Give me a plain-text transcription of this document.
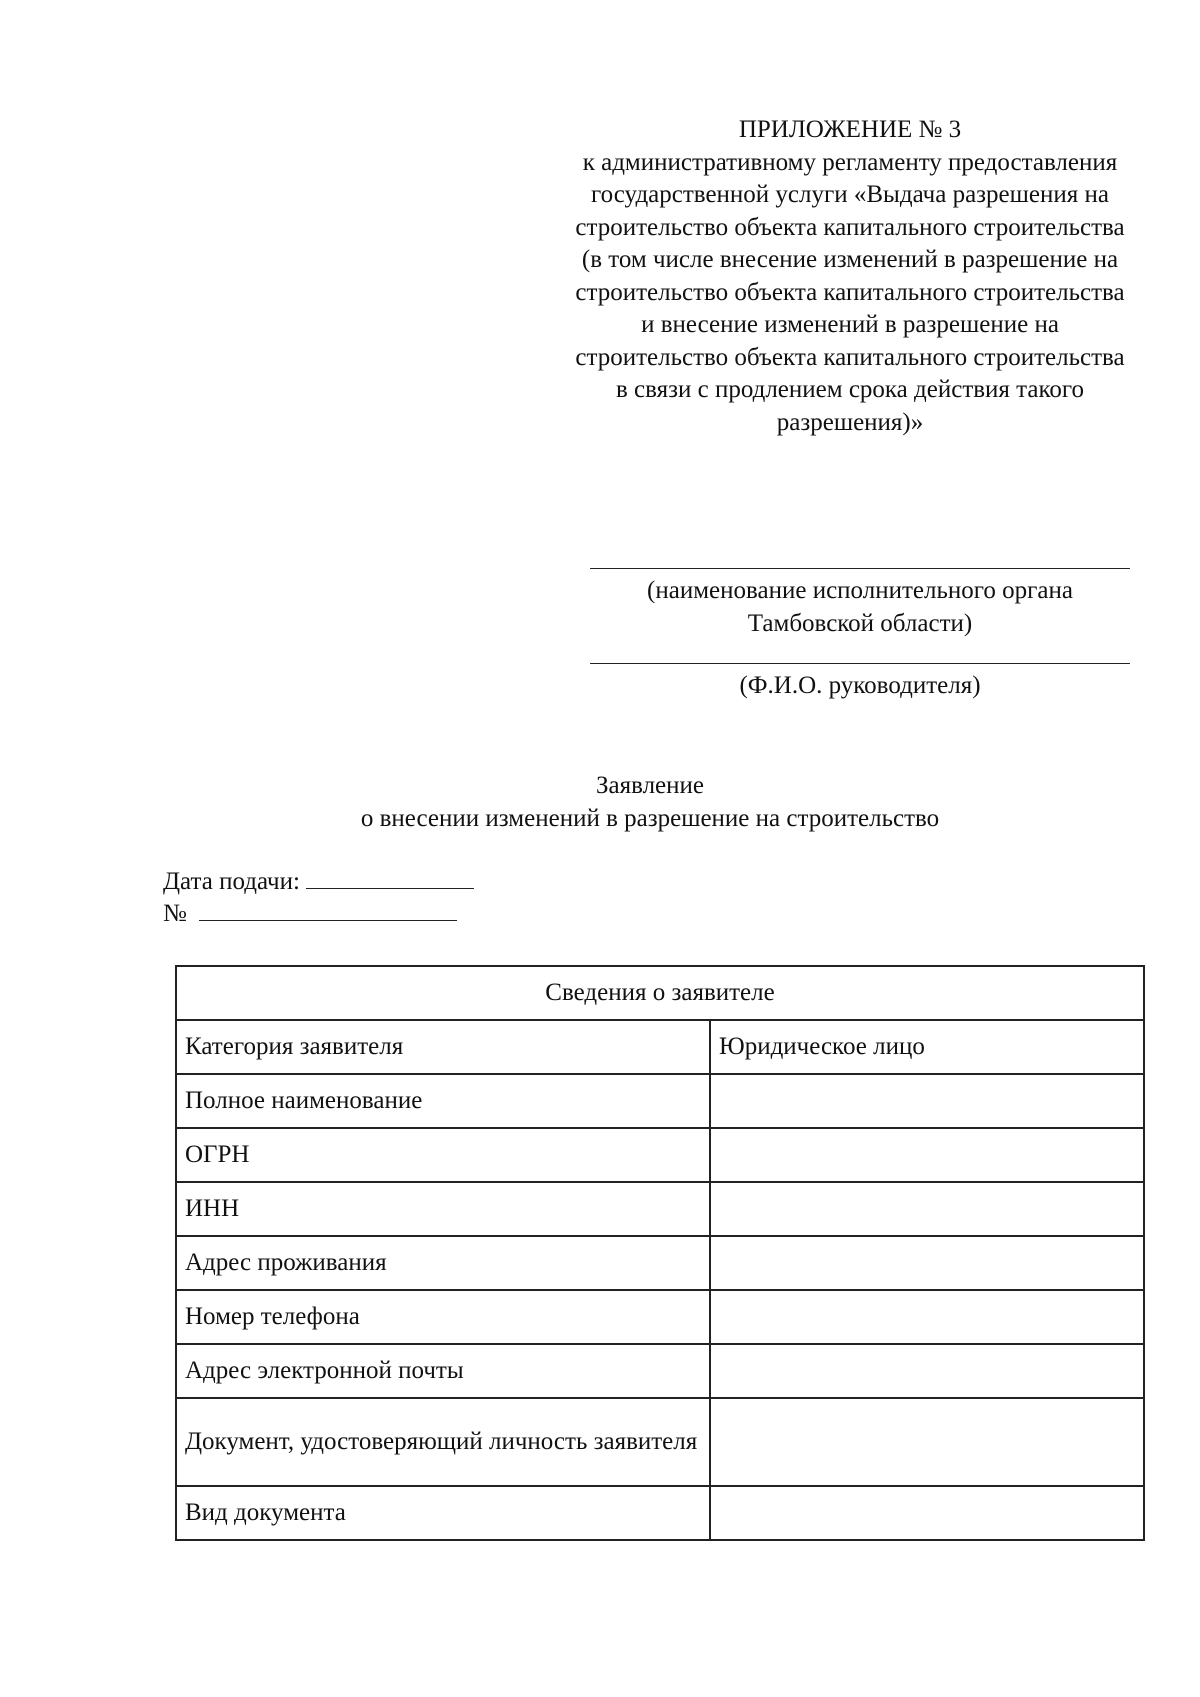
ПРИЛОЖЕНИЕ № 3
к административному регламенту предоставления
государственной услуги «Выдача разрешения на
строительство объекта капитального строительства
(в том числе внесение изменений в разрешение на
строительство объекта капитального строительства
и внесение изменений в разрешение на
строительство объекта капитального строительства
в связи с продлением срока действия такого
разрешения)»
(наименование исполнительного органа
Тамбовской области)
(Ф.И.О. руководителя)
Заявление
о внесении изменений в разрешение на строительство
Дата подачи:
№
Сведения о заявителе	
Категория заявителя	Юридическое лицо
Полное наименование	
ОГРН	
ИНН	
Адрес проживания	
Номер телефона	
Адрес электронной почты	
Документ, удостоверяющий личность заявителя	
Вид документа	
